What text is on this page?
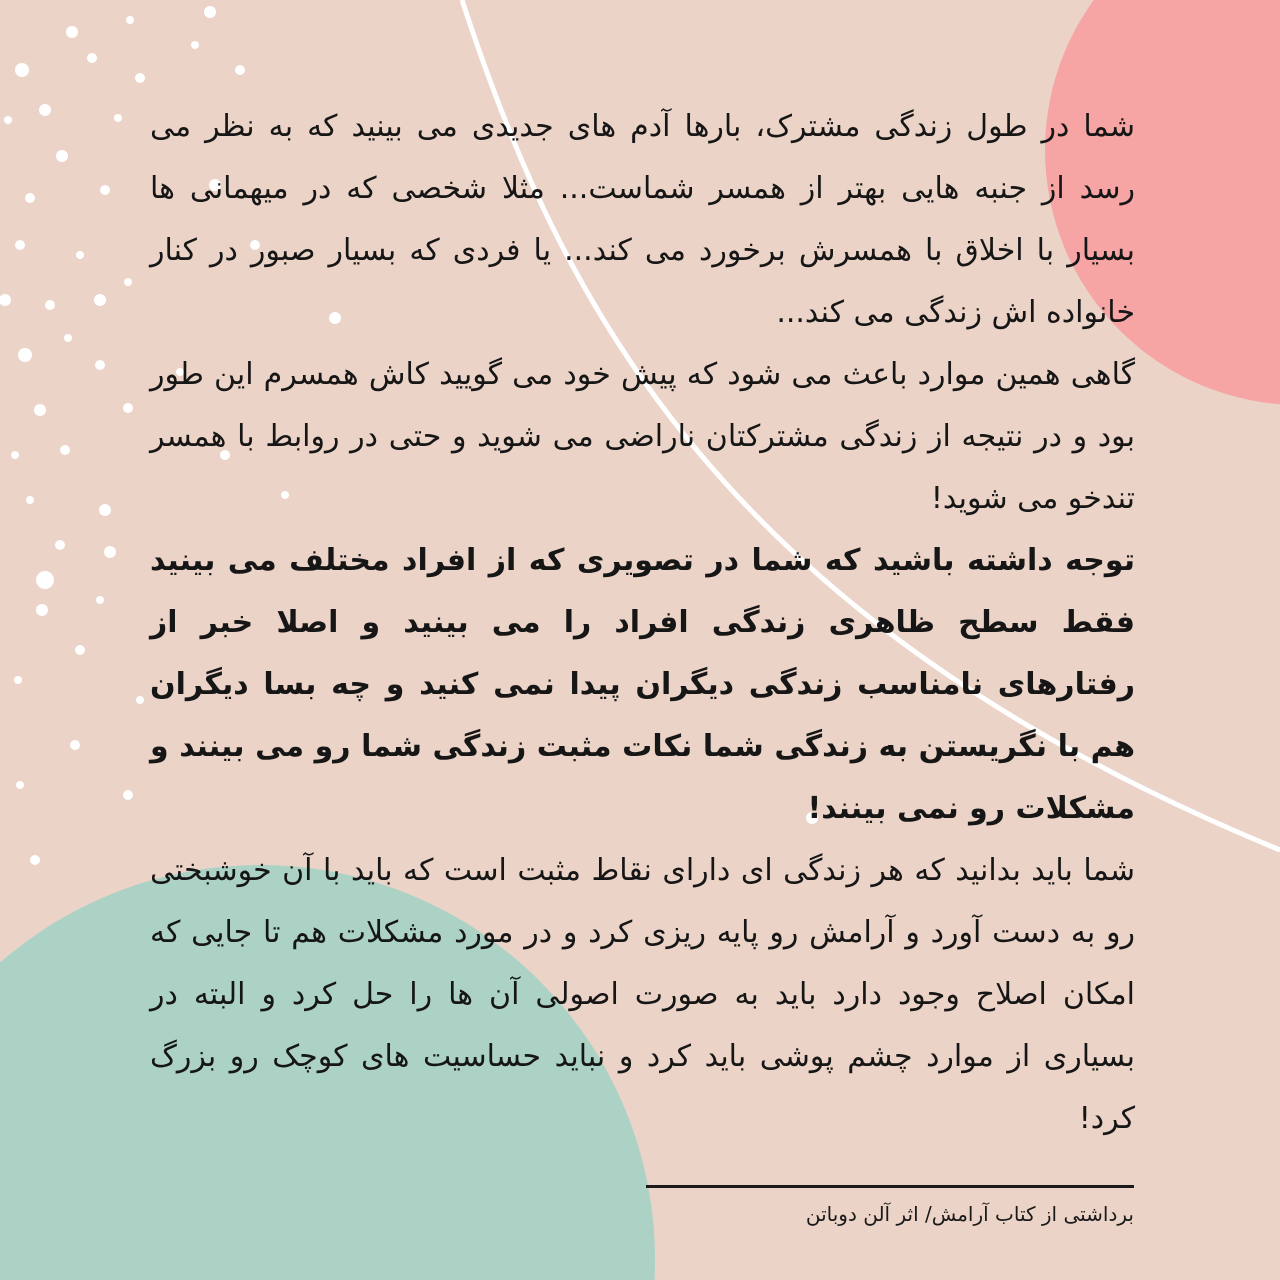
شما در طول زندگی مشترک، بارها آدم های جدیدی می بینید که به نظر می رسد از جنبه هایی بهتر از همسر شماست... مثلا شخصی که در میهمانی ها بسیار با اخلاق با همسرش برخورد می کند... یا فردی که بسیار صبور در کنار خانواده اش زندگی می کند...

گاهی همین موارد باعث می شود که پیش خود می گویید کاش همسرم این طور بود و در نتیجه از زندگی مشترکتان ناراضی می شوید و حتی در روابط با همسر تندخو می شوید!

توجه داشته باشید که شما در تصویری که از افراد مختلف می بینید فقط سطح ظاهری زندگی افراد را می بینید و اصلا خبر از رفتارهای نامناسب زندگی دیگران پیدا نمی کنید و چه بسا دیگران هم با نگریستن به زندگی شما نکات مثبت زندگی شما رو می بینند و مشکلات رو نمی بینند!

شما باید بدانید که هر زندگی ای دارای نقاط مثبت است که باید با آن خوشبختی رو به دست آورد و آرامش رو پایه ریزی کرد و در مورد مشکلات هم تا جایی که امکان اصلاح وجود دارد باید به صورت اصولی آن ها را حل کرد و البته در بسیاری از موارد چشم پوشی باید کرد و نباید حساسیت های کوچک رو بزرگ کرد!

برداشتی از کتاب آرامش/ اثر آلن دوباتن
